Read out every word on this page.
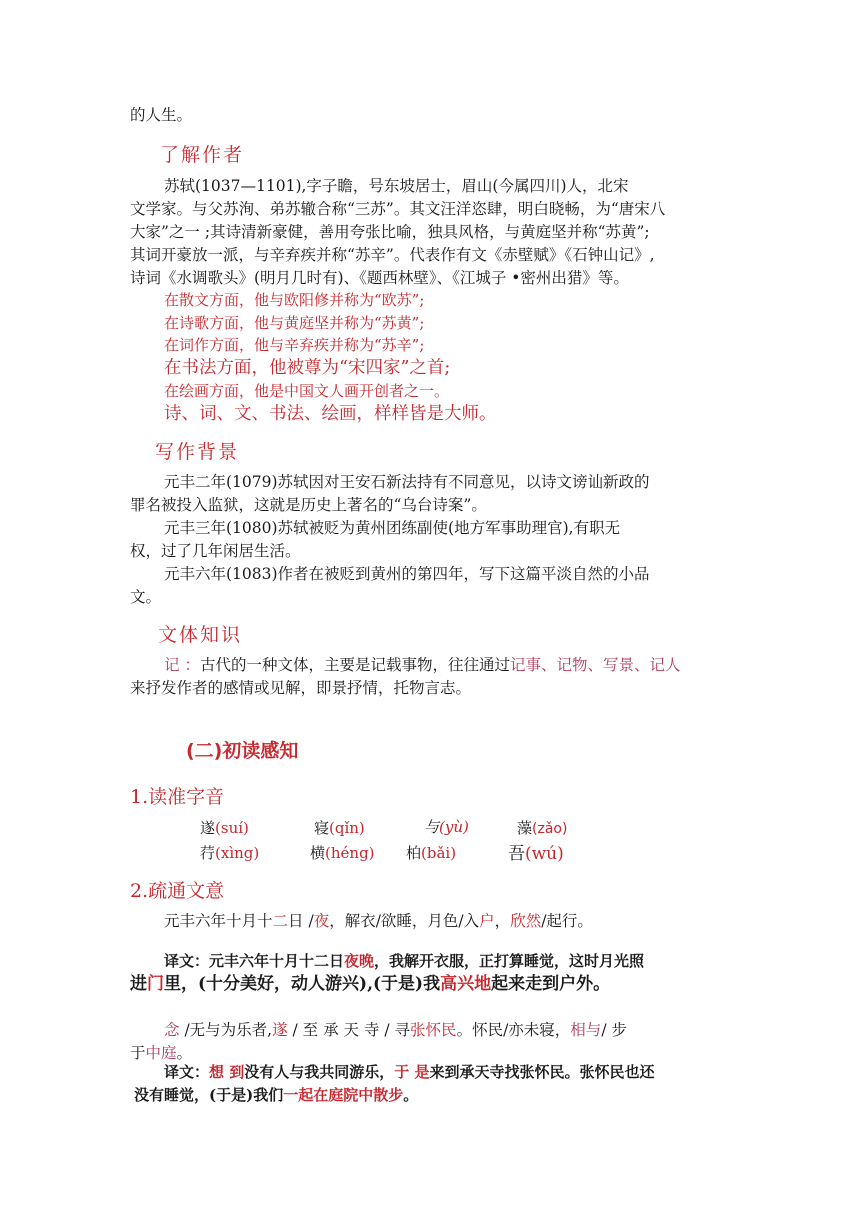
的人生。
了解作者
苏轼(1037—1101),字子瞻，号东坡居士，眉山(今属四川)人，北宋
文学家。与父苏洵、弟苏辙合称“三苏”。其文汪洋恣肆，明白晓畅，为“唐宋八
大家”之一 ;其诗清新豪健，善用夸张比喻，独具风格，与黄庭坚并称“苏黄”;
其词开豪放一派，与辛弃疾并称“苏辛”。代表作有文《赤壁赋》《石钟山记》,
诗词《水调歌头》(明月几时有)、《题西林壁》、《江城子 •密州出猎》等。
在散文方面，他与欧阳修并称为“欧苏”;
在诗歌方面，他与黄庭坚并称为“苏黄”;
在词作方面，他与辛弃疾并称为“苏辛”;
在书法方面，他被尊为“宋四家”之首;
在绘画方面，他是中国文人画开创者之一。
诗、词、文、书法、绘画，样样皆是大师。
写作背景
元丰二年(1079)苏轼因对王安石新法持有不同意见，以诗文谤讪新政的
罪名被投入监狱，这就是历史上著名的“乌台诗案”。
元丰三年(1080)苏轼被贬为黄州团练副使(地方军事助理官),有职无
权，过了几年闲居生活。
元丰六年(1083)作者在被贬到黄州的第四年，写下这篇平淡自然的小品
文。
文体知识
记 ：古代的一种文体，主要是记载事物，往往通过记事、记物、写景、记人
来抒发作者的感情或见解，即景抒情，托物言志。
(二)初读感知
1.读准字音
遂(suí)	寝(qǐn)	与(yù)	藻(zǎo)
荇(xìng)	横(héng) 柏(bǎi)	吾(wú)
2.疏通文意
元丰六年十月十二日 /夜，解衣/欲睡，月色/入户，欣然/起行。
译文：元丰六年十月十二日夜晚，我解开衣服，正打算睡觉，这时月光照
进门里，(十分美好，动人游兴),(于是)我高兴地起来走到户外。
念 /无与为乐者,遂 / 至 承 天 寺 / 寻张怀民。怀民/亦未寝，相与/ 步
于中庭。
译文：想 到没有人与我共同游乐，于 是来到承天寺找张怀民。张怀民也还
没有睡觉，(于是)我们一起在庭院中散步。
